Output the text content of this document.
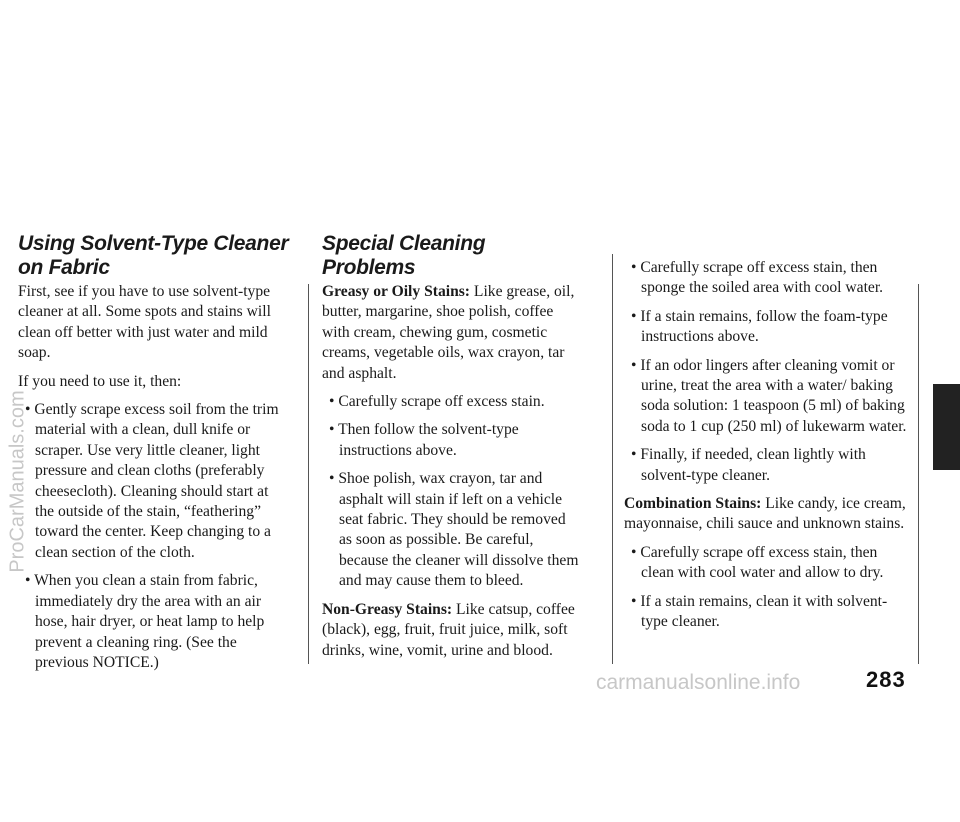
Using Solvent-Type Cleaner on Fabric

First, see if you have to use solvent-type cleaner at all. Some spots and stains will clean off better with just water and mild soap.

If you need to use it, then:

• Gently scrape excess soil from the trim material with a clean, dull knife or scraper. Use very little cleaner, light pressure and clean cloths (preferably cheesecloth). Cleaning should start at the outside of the stain, “feathering” toward the center. Keep changing to a clean section of the cloth.
• When you clean a stain from fabric, immediately dry the area with an air hose, hair dryer, or heat lamp to help prevent a cleaning ring. (See the previous NOTICE.)
Special Cleaning Problems

Greasy or Oily Stains: Like grease, oil, butter, margarine, shoe polish, coffee with cream, chewing gum, cosmetic creams, vegetable oils, wax crayon, tar and asphalt.

• Carefully scrape off excess stain.
• Then follow the solvent-type instructions above.
• Shoe polish, wax crayon, tar and asphalt will stain if left on a vehicle seat fabric. They should be removed as soon as possible. Be careful, because the cleaner will dissolve them and may cause them to bleed.

Non-Greasy Stains: Like catsup, coffee (black), egg, fruit, fruit juice, milk, soft drinks, wine, vomit, urine and blood.

• Carefully scrape off excess stain, then sponge the soiled area with cool water.
• If a stain remains, follow the foam-type instructions above.
• If an odor lingers after cleaning vomit or urine, treat the area with a water/ baking soda solution: 1 teaspoon (5 ml) of baking soda to 1 cup (250 ml) of lukewarm water.
• Finally, if needed, clean lightly with solvent-type cleaner.

Combination Stains: Like candy, ice cream, mayonnaise, chili sauce and unknown stains.

• Carefully scrape off excess stain, then clean with cool water and allow to dry.
• If a stain remains, clean it with solvent-type cleaner.
283
carmanualsonline.info
ProCarManuals.com
